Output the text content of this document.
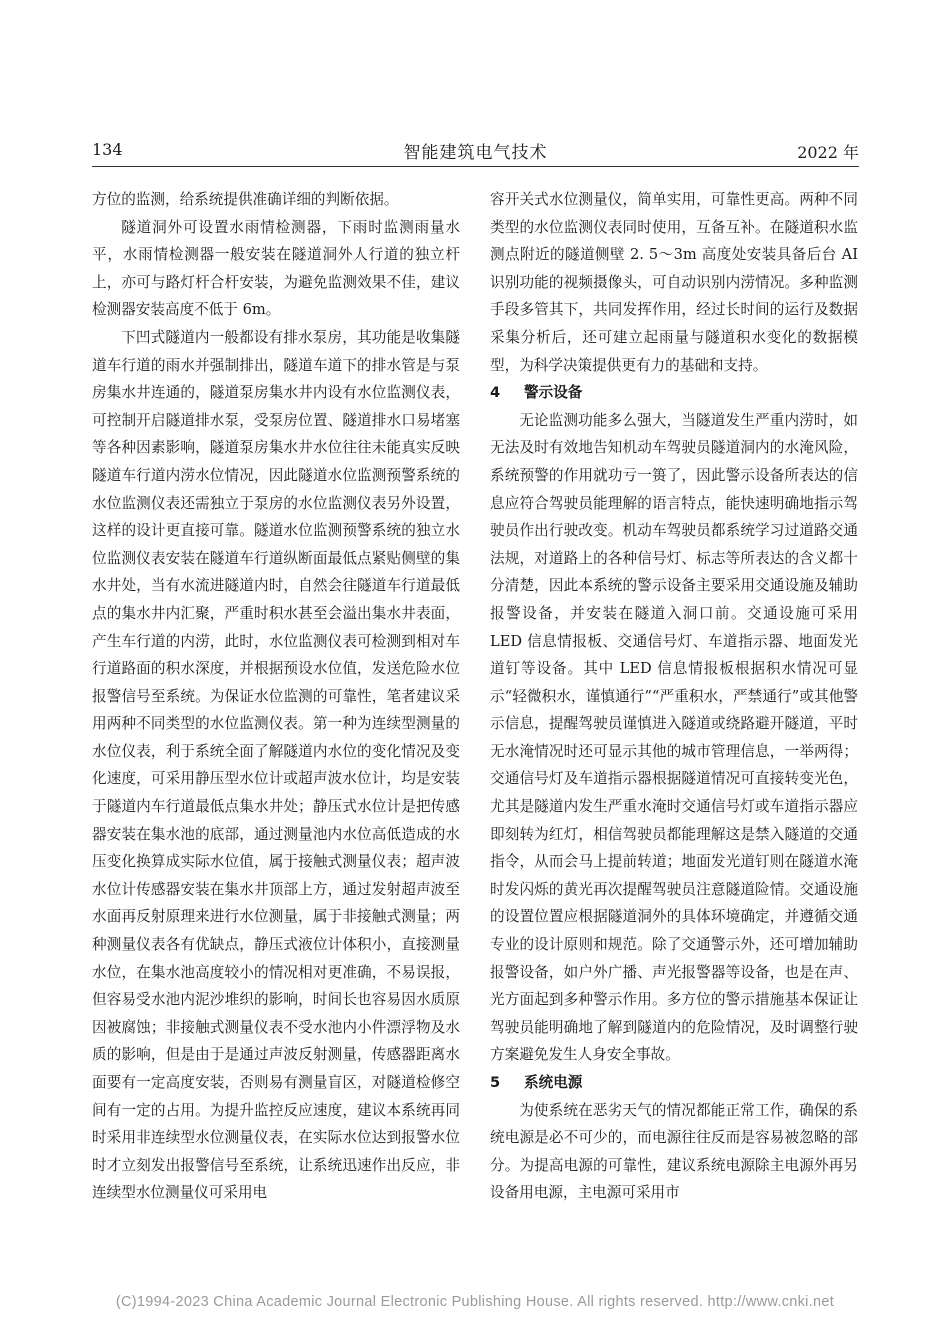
134	智能建筑电气技术	2022 年

方位的监测，给系统提供准确详细的判断依据。

隧道洞外可设置水雨情检测器，下雨时监测雨量水平，水雨情检测器一般安装在隧道洞外人行道的独立杆上，亦可与路灯杆合杆安装，为避免监测效果不佳，建议检测器安装高度不低于 6m。

下凹式隧道内一般都设有排水泵房，其功能是收集隧道车行道的雨水并强制排出，隧道车道下的排水管是与泵房集水井连通的，隧道泵房集水井内设有水位监测仪表，可控制开启隧道排水泵，受泵房位置、隧道排水口易堵塞等各种因素影响，隧道泵房集水井水位往往未能真实反映隧道车行道内涝水位情况，因此隧道水位监测预警系统的水位监测仪表还需独立于泵房的水位监测仪表另外设置，这样的设计更直接可靠。隧道水位监测预警系统的独立水位监测仪表安装在隧道车行道纵断面最低点紧贴侧壁的集水井处，当有水流进隧道内时，自然会往隧道车行道最低点的集水井内汇聚，严重时积水甚至会溢出集水井表面，产生车行道的内涝，此时，水位监测仪表可检测到相对车行道路面的积水深度，并根据预设水位值，发送危险水位报警信号至系统。为保证水位监测的可靠性，笔者建议采用两种不同类型的水位监测仪表。第一种为连续型测量的水位仪表，利于系统全面了解隧道内水位的变化情况及变化速度，可采用静压型水位计或超声波水位计，均是安装于隧道内车行道最低点集水井处；静压式水位计是把传感器安装在集水池的底部，通过测量池内水位高低造成的水压变化换算成实际水位值，属于接触式测量仪表；超声波水位计传感器安装在集水井顶部上方，通过发射超声波至水面再反射原理来进行水位测量，属于非接触式测量；两种测量仪表各有优缺点，静压式液位计体积小，直接测量水位，在集水池高度较小的情况相对更准确，不易误报，但容易受水池内泥沙堆织的影响，时间长也容易因水质原因被腐蚀；非接触式测量仪表不受水池内小件漂浮物及水质的影响，但是由于是通过声波反射测量，传感器距离水面要有一定高度安装，否则易有测量盲区，对隧道检修空间有一定的占用。为提升监控反应速度，建议本系统再同时采用非连续型水位测量仪表，在实际水位达到报警水位时才立刻发出报警信号至系统，让系统迅速作出反应，非连续型水位测量仪可采用电

容开关式水位测量仪，简单实用，可靠性更高。两种不同类型的水位监测仪表同时使用，互备互补。在隧道积水监测点附近的隧道侧壁 2. 5～3m 高度处安装具备后台 AI 识别功能的视频摄像头，可自动识别内涝情况。多种监测手段多管其下，共同发挥作用，经过长时间的运行及数据采集分析后，还可建立起雨量与隧道积水变化的数据模型，为科学决策提供更有力的基础和支持。

4 警示设备

无论监测功能多么强大，当隧道发生严重内涝时，如无法及时有效地告知机动车驾驶员隧道洞内的水淹风险，系统预警的作用就功亏一篑了，因此警示设备所表达的信息应符合驾驶员能理解的语言特点，能快速明确地指示驾驶员作出行驶改变。机动车驾驶员都系统学习过道路交通法规，对道路上的各种信号灯、标志等所表达的含义都十分清楚，因此本系统的警示设备主要采用交通设施及辅助报警设备，并安装在隧道入洞口前。交通设施可采用 LED 信息情报板、交通信号灯、车道指示器、地面发光道钉等设备。其中 LED 信息情报板根据积水情况可显示“轻微积水，谨慎通行”“严重积水，严禁通行”或其他警示信息，提醒驾驶员谨慎进入隧道或绕路避开隧道，平时无水淹情况时还可显示其他的城市管理信息，一举两得；交通信号灯及车道指示器根据隧道情况可直接转变光色，尤其是隧道内发生严重水淹时交通信号灯或车道指示器应即刻转为红灯，相信驾驶员都能理解这是禁入隧道的交通指令，从而会马上提前转道；地面发光道钉则在隧道水淹时发闪烁的黄光再次提醒驾驶员注意隧道险情。交通设施的设置位置应根据隧道洞外的具体环境确定，并遵循交通专业的设计原则和规范。除了交通警示外，还可增加辅助报警设备，如户外广播、声光报警器等设备，也是在声、光方面起到多种警示作用。多方位的警示措施基本保证让驾驶员能明确地了解到隧道内的危险情况，及时调整行驶方案避免发生人身安全事故。

5 系统电源

为使系统在恶劣天气的情况都能正常工作，确保的系统电源是必不可少的，而电源往往反而是容易被忽略的部分。为提高电源的可靠性，建议系统电源除主电源外再另设备用电源，主电源可采用市

(C)1994-2023 China Academic Journal Electronic Publishing House. All rights reserved. http://www.cnki.net
